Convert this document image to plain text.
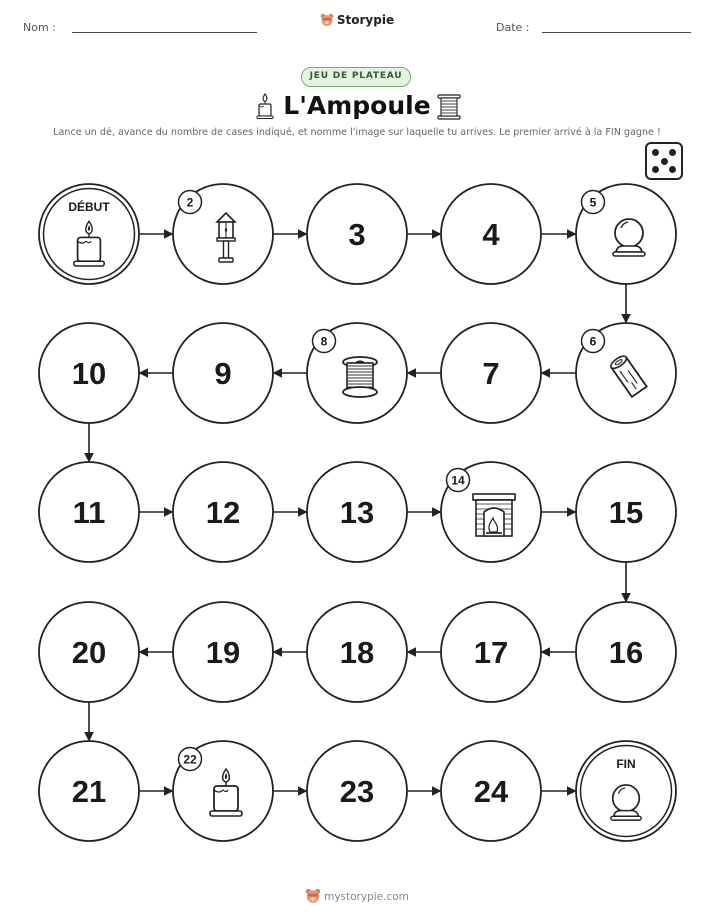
Nom :
Storypie
Date :
JEU DE PLATEAU
L'Ampoule
Lance un dé, avance du nombre de cases indiqué, et nomme l'image sur laquelle tu arrives. Le premier arrivé à la FIN gagne !
DÉBUT	2
3	4
5
6
7
8
9
10
11	12	13
14
15
16
17
18
19
20
21
22
23	24
FIN
mystorypie.com
